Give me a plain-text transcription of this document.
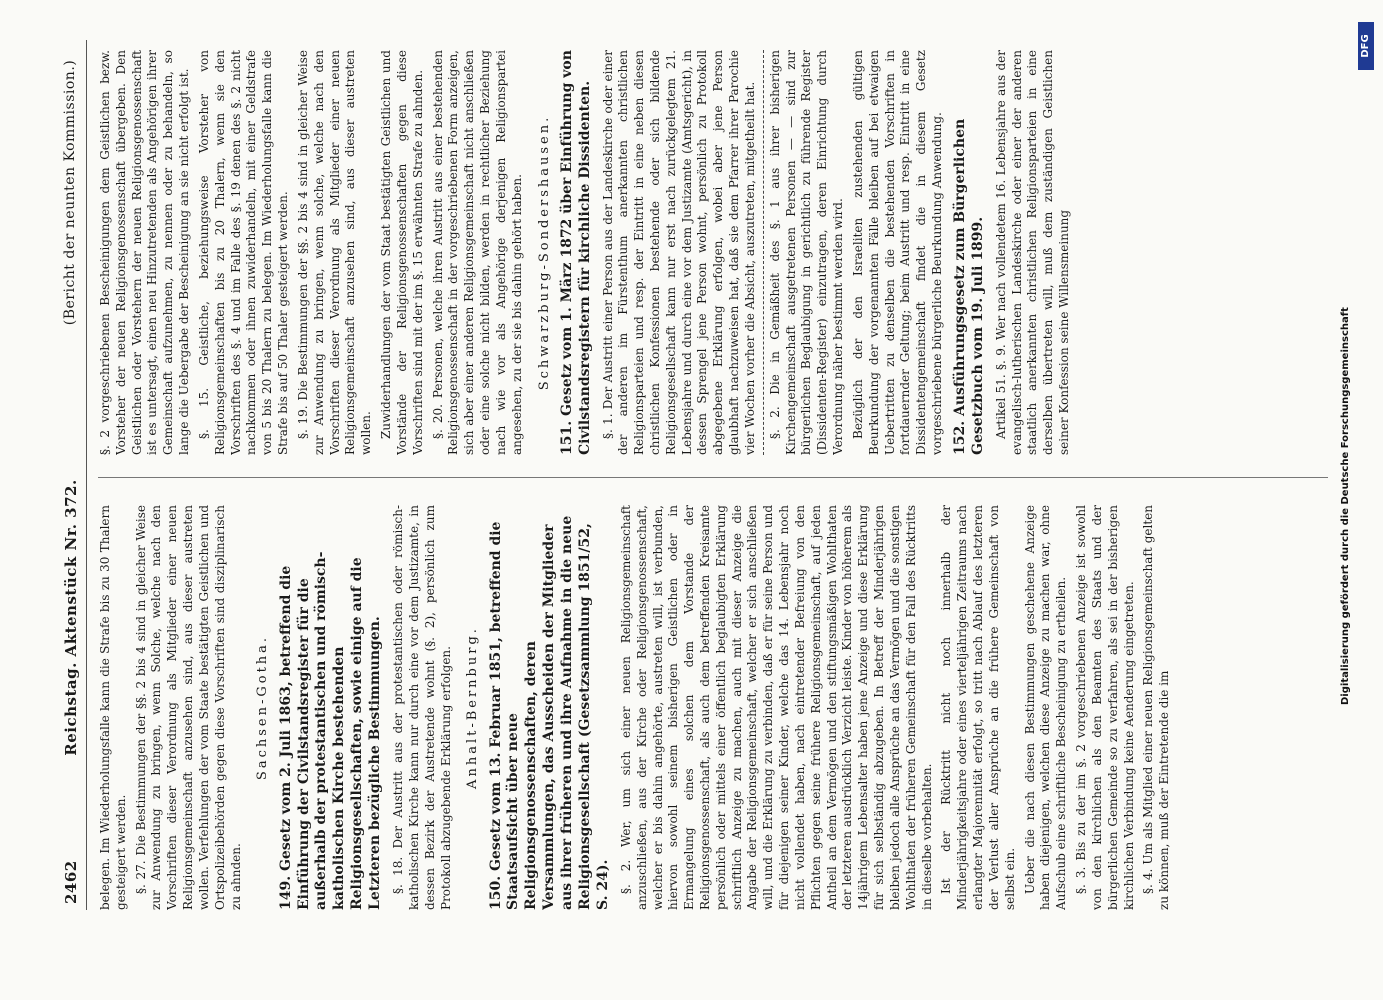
2462
Reichstag. Aktenstück Nr. 372.
(Bericht der neunten Kommission.)

belegen. Im Wiederholungsfalle kann die Strafe bis zu 30 Thalern gesteigert werden. §. 27. Die Bestimmungen der §§. 2 bis 4 sind in gleicher Weise zur Anwendung zu bringen, wenn Solche, welche nach den Vorschriften dieser Verordnung als Mitglieder einer neuen Religionsgemeinschaft anzusehen sind, aus dieser austreten wollen. Verfehlungen der vom Staate bestätigten Geistlichen und Ortspolizeibehörden gegen diese Vorschriften sind disziplinarisch zu ahnden.

Sachsen-Gotha. 149. Gesetz vom 2. Juli 1863, betreffend die Einführung der Civilstandsregister für die außerhalb der protestantischen und römisch-katholischen Kirche bestehenden Religionsgesellschaften, sowie einige auf die Letzteren bezügliche Bestimmungen. §. 18. Der Austritt aus der protestantischen oder römisch-katholischen Kirche kann nur durch eine vor dem Justizamte, in dessen Bezirk der Austretende wohnt (§. 2), persönlich zum Protokoll abzugebende Erklärung erfolgen. Anhalt-Bernburg. 150. Gesetz vom 13. Februar 1851, betreffend die Staatsaufsicht über neue Religionsgenossenschaften, deren Versammlungen, das Ausscheiden der Mitglieder aus ihrer früheren und ihre Aufnahme in die neue Religionsgesellschaft (Gesetzsammlung 1851/52, S. 24). §. 2. Wer, um sich einer neuen Religionsgemeinschaft anzuschließen, aus der Kirche oder Religionsgenossenschaft, welcher er bis dahin angehörte, austreten will, ist verbunden, hiervon sowohl seinem bisherigen Geistlichen oder in Ermangelung eines solchen dem Vorstande der Religionsgenossenschaft, als auch dem betreffenden Kreisamte persönlich oder mittels einer öffentlich beglaubigten Erklärung schriftlich Anzeige zu machen, auch mit dieser Anzeige die Angabe der Religionsgemeinschaft, welcher er sich anschließen will, und die Erklärung zu verbinden, daß er für seine Person und für diejenigen seiner Kinder, welche das 14. Lebensjahr noch nicht vollendet haben, nach eintretender Befreiung von den Pflichten gegen seine frühere Religionsgemeinschaft, auf jeden Antheil an dem Vermögen und den stiftungsmäßigen Wohlthaten der letzteren ausdrücklich Verzicht leiste. Kinder von höherem als 14jährigem Lebensalter haben jene Anzeige und diese Erklärung für sich selbständig abzugeben. In Betreff der Minderjährigen bleiben jedoch alle Ansprüche an das Vermögen und die sonstigen Wohlthaten der früheren Gemeinschaft für den Fall des Rücktritts in dieselbe vorbehalten. Ist der Rücktritt nicht noch innerhalb der Minderjährigkeitsjahre oder eines vierteljährigen Zeitraums nach erlangter Majorennität erfolgt, so tritt nach Ablauf des letzteren der Verlust aller Ansprüche an die frühere Gemeinschaft von selbst ein. Ueber die nach diesen Bestimmungen geschehene Anzeige haben diejenigen, welchen diese Anzeige zu machen war, ohne Aufschub eine schriftliche Bescheinigung zu ertheilen. §. 3. Bis zu der im §. 2 vorgeschriebenen Anzeige ist sowohl von den kirchlichen als den Beamten des Staats und der bürgerlichen Gemeinde so zu verfahren, als sei in der bisherigen kirchlichen Verbindung keine Aenderung eingetreten. §. 4. Um als Mitglied einer neuen Religionsgemeinschaft gelten zu können, muß der Eintretende die im

§. 2 vorgeschriebenen Bescheinigungen dem Geistlichen bezw. Vorsteher der neuen Religionsgenossenschaft übergeben. Den Geistlichen oder Vorstehern der neuen Religionsgenossenschaft ist es untersagt, einen neu Hinzutretenden als Angehörigen ihrer Gemeinschaft aufzunehmen, zu nennen oder zu behandeln, so lange die Uebergabe der Bescheinigung an sie nicht erfolgt ist. §. 15. Geistliche, beziehungsweise Vorsteher von Religionsgemeinschaften bis zu 20 Thalern, wenn sie den Vorschriften des §. 4 und im Falle des §. 19 denen des §. 2 nicht nachkommen oder ihnen zuwiderhandeln, mit einer Geldstrafe von 5 bis 20 Thalern zu belegen. Im Wiederholungsfalle kann die Strafe bis auf 50 Thaler gesteigert werden. §. 19. Die Bestimmungen der §§. 2 bis 4 sind in gleicher Weise zur Anwendung zu bringen, wenn solche, welche nach den Vorschriften dieser Verordnung als Mitglieder einer neuen Religionsgemeinschaft anzusehen sind, aus dieser austreten wollen. Zuwiderhandlungen der vom Staat bestätigten Geistlichen und Vorstände der Religionsgenossenschaften gegen diese Vorschriften sind mit der im §. 15 erwähnten Strafe zu ahnden. §. 20. Personen, welche ihren Austritt aus einer bestehenden Religionsgenossenschaft in der vorgeschriebenen Form anzeigen, sich aber einer anderen Religionsgemeinschaft nicht anschließen oder eine solche nicht bilden, werden in rechtlicher Beziehung nach wie vor als Angehörige derjenigen Religionspartei angesehen, zu der sie bis dahin gehört haben. Schwarzburg-Sondershausen. 151. Gesetz vom 1. März 1872 über Einführung von Civilstandsregistern für kirchliche Dissidenten. §. 1. Der Austritt einer Person aus der Landeskirche oder einer der anderen im Fürstenthum anerkannten christlichen Religionsparteien und resp. der Eintritt in eine neben diesen christlichen Konfessionen bestehende oder sich bildende Religionsgesellschaft kann nur erst nach zurückgelegtem 21. Lebensjahre und durch eine vor dem Justizamte (Amtsgericht), in dessen Sprengel jene Person wohnt, persönlich zu Protokoll abgegebene Erklärung erfolgen, wobei aber jene Person glaubhaft nachzuweisen hat, daß sie dem Pfarrer ihrer Parochie vier Wochen vorher die Absicht, auszutreten, mitgetheilt hat. §. 2. Die in Gemäßheit des §. 1 aus ihrer bisherigen Kirchengemeinschaft ausgetretenen Personen — — sind zur bürgerlichen Beglaubigung in gerichtlich zu führende Register (Dissidenten-Register) einzutragen, deren Einrichtung durch Verordnung näher bestimmt werden wird. Bezüglich der den Israeliten zustehenden gültigen Beurkundung der vorgenannten Fälle bleiben auf bei etwaigen Uebertritten zu denselben die bestehenden Vorschriften in fortdauernder Geltung; beim Austritt und resp. Eintritt in eine Dissidentengemeinschaft findet die in diesem Gesetz vorgeschriebene bürgerliche Beurkundung Anwendung. 152. Ausführungsgesetz zum Bürgerlichen Gesetzbuch vom 19. Juli 1899. Artikel 51. §. 9. Wer nach vollendetem 16. Lebensjahre aus der evangelisch-lutherischen Landeskirche oder einer der anderen staatlich anerkannten christlichen Religionsparteien in eine derselben übertreten will, muß dem zuständigen Geistlichen seiner Konfession seine Willensmeinung	Digitalisierung gefördert durch die Deutsche Forschungsgemeinschaft
DFG
